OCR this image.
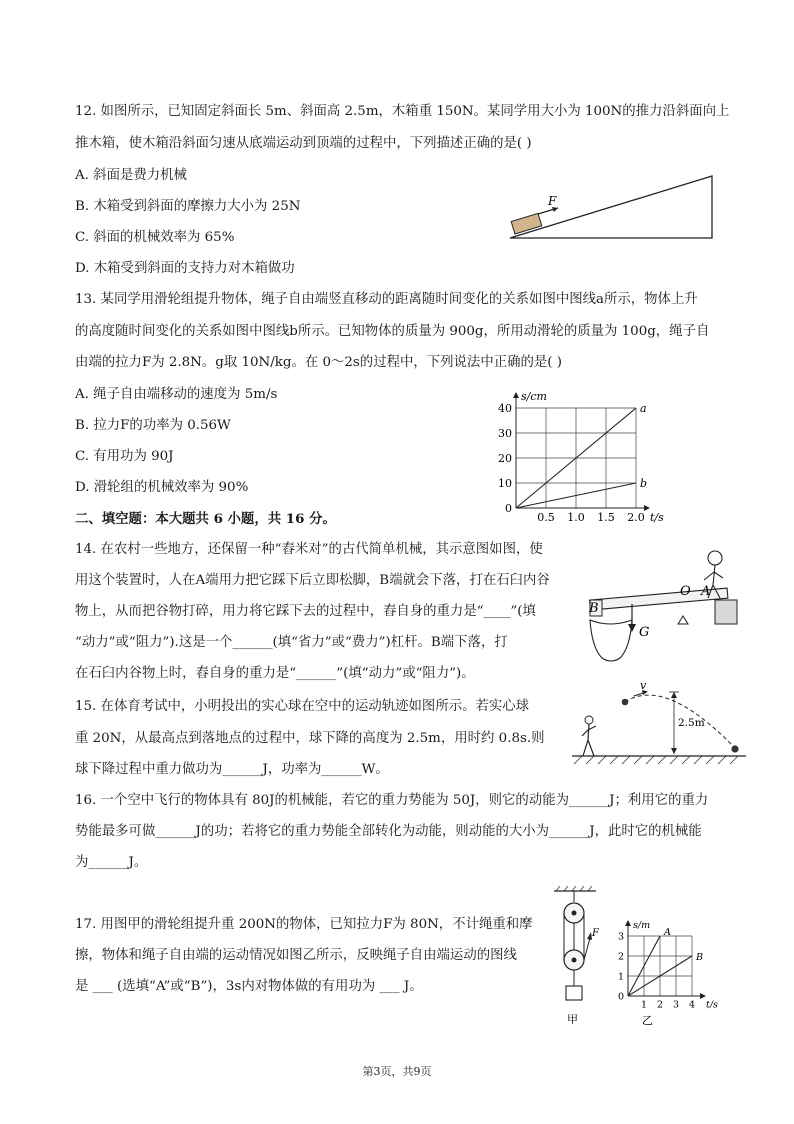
12. 如图所示，已知固定斜面长 5m、斜面高 2.5m，木箱重 150N。某同学用大小为 100N的推力沿斜面向上

推木箱，使木箱沿斜面匀速从底端运动到顶端的过程中，下列描述正确的是( )

A. 斜面是费力机械

B. 木箱受到斜面的摩擦力大小为 25N

C. 斜面的机械效率为 65%

D. 木箱受到斜面的支持力对木箱做功

F

13. 某同学用滑轮组提升物体，绳子自由端竖直移动的距离随时间变化的关系如图中图线a所示，物体上升

的高度随时间变化的关系如图中图线b所示。已知物体的质量为 900g，所用动滑轮的质量为 100g，绳子自

由端的拉力F为 2.8N。g取 10N/kg。在 0～2s的过程中，下列说法中正确的是( )

A. 绳子自由端移动的速度为 5m/s

B. 拉力F的功率为 0.56W

C. 有用功为 90J

D. 滑轮组的机械效率为 90%

0.5 1.0 1.5 2.0
0
10
20
30
40
t/s
s/cm
a
b

二、填空题：本大题共 6 小题，共 16 分。

14. 在农村一些地方，还保留一种“舂米对”的古代简单机械，其示意图如图，使

用这个装置时，人在A端用力把它踩下后立即松脚，B端就会下落，打在石臼内谷

物上，从而把谷物打碎，用力将它踩下去的过程中，舂自身的重力是“____”(填

“动力”或“阻力”).这是一个______(填“省力”或“费力”)杠杆。B端下落，打

在石臼内谷物上时，舂自身的重力是“______”(填“动力”或“阻力”)。

B
O A
G

15. 在体育考试中，小明投出的实心球在空中的运动轨迹如图所示。若实心球

重 20N，从最高点到落地点的过程中，球下降的高度为 2.5m，用时约 0.8s.则

球下降过程中重力做功为______J，功率为______W。

v
2.5m

16. 一个空中飞行的物体具有 80J的机械能，若它的重力势能为 50J，则它的动能为______J；利用它的重力

势能最多可做______J的功；若将它的重力势能全部转化为动能，则动能的大小为______J，此时它的机械能

为______J。

17. 用图甲的滑轮组提升重 200N的物体，已知拉力F为 80N，不计绳重和摩

擦，物体和绳子自由端的运动情况如图乙所示，反映绳子自由端运动的图线

是 ___ (选填“A”或“B”)，3s内对物体做的有用功为 ___ J。

F
甲
1 2 3 4
0
1
2
3
t/s
s/m
A
B
乙
第3页，共9页
